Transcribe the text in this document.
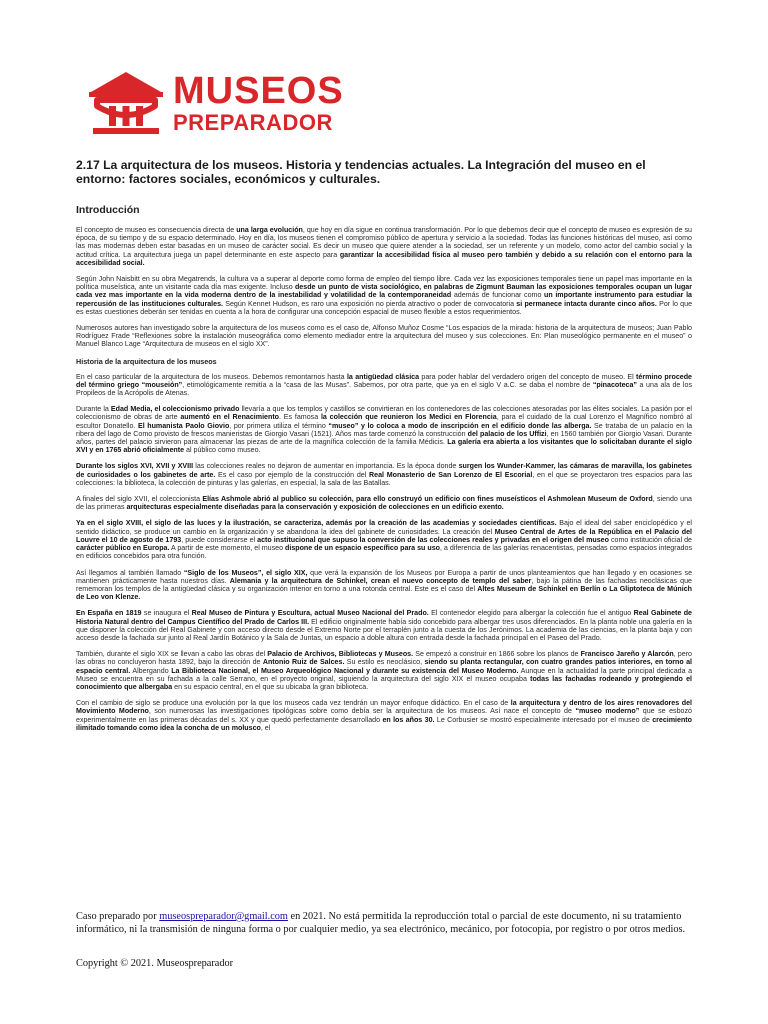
MUSEOS
PREPARADOR
2.17 La arquitectura de los museos. Historia y tendencias actuales. La Integración del museo en el entorno: factores sociales, económicos y culturales.
Introducción

El concepto de museo es consecuencia directa de una larga evolución, que hoy en día sigue en continua transformación. Por lo que debemos decir que el concepto de museo es expresión de su época, de su tiempo y de su espacio determinado. Hoy en día, los museos tienen el compromiso público de apertura y servicio a la sociedad. Todas las funciones históricas del museo, así como las mas modernas deben estar basadas en un museo de carácter social. Es decir un museo que quiere atender a la sociedad, ser un referente y un modelo, como actor del cambio social y la actitud crítica. La arquitectura juega un papel determinante en este aspecto para garantizar la accesibilidad física al museo pero también y debido a su relación con el entorno para la accesibilidad social.

Según John Naisbitt en su obra Megatrends, la cultura va a superar al deporte como forma de empleo del tiempo libre. Cada vez las exposiciones temporales tiene un papel mas importante en la política museística, ante un visitante cada día mas exigente. Incluso desde un punto de vista sociológico, en palabras de Zigmunt Bauman las exposiciones temporales ocupan un lugar cada vez mas importante en la vida moderna dentro de la inestabilidad y volatilidad de la contemporaneidad además de funcionar como un importante instrumento para estudiar la repercusión de las instituciones culturales. Según Kennet Hudson, es raro una exposición no pierda atractivo o poder de convocatoria si permanece intacta durante cinco años. Por lo que es estas cuestiones deberán ser tenidas en cuenta a la hora de configurar una concepción espacial de museo flexible a estos requerimientos.

Numerosos autores han investigado sobre la arquitectura de los museos como es el caso de, Alfonso Muñoz Cosme “Los espacios de la mirada: historia de la arquitectura de museos; Juan Pablo Rodríguez Frade “Reflexiones sobre la instalación museográfica como elemento mediador entre la arquitectura del museo y sus colecciones. En: Plan museológico permanente en el museo” o Manuel Blanco Lage “Arquitectura de museos en el siglo XX”.

Historia de la arquitectura de los museos

En el caso particular de la arquitectura de los museos. Debemos remontarnos hasta la antigüedad clásica para poder hablar del verdadero origen del concepto de museo. El término procede del término griego “mouseión”, etimológicamente remitía a la “casa de las Musas”. Sabemos, por otra parte, que ya en el siglo V a.C. se daba el nombre de “pinacoteca” a una ala de los Propileos de la Acrópolis de Atenas.

Durante la Edad Media, el coleccionismo privado llevaría a que los templos y castillos se convirtieran en los contenedores de las colecciones atesoradas por las élites sociales. La pasión por el coleccionismo de obras de arte aumentó en el Renacimiento. Es famosa la colección que reunieron los Medici en Florencia, para el cuidado de la cual Lorenzo el Magnífico nombró al escultor Donatello. El humanista Paolo Giovio, por primera utiliza el término “museo” y lo coloca a modo de inscripción en el edificio donde las alberga. Se trataba de un palacio en la ribera del lago de Como provisto de frescos manieristas de Giorgio Vasari (1521). Años mas tarde comenzó la construcción del palacio de los Uffizi, en 1560 también por Giorgio Vasari. Durante años, partes del palacio sirvieron para almacenar las piezas de arte de la magnífica colección de la familia Médicis. La galería era abierta a los visitantes que lo solicitaban durante el siglo XVI y en 1765 abrió oficialmente al público como museo.

Durante los siglos XVI, XVII y XVIII las colecciones reales no dejaron de aumentar en importancia. Es la época donde surgen los Wunder-Kammer, las cámaras de maravilla, los gabinetes de curiosidades o los gabinetes de arte. Es el caso por ejemplo de la construcción del Real Monasterio de San Lorenzo de El Escorial, en el que se proyectaron tres espacios para las colecciones: la biblioteca, la colección de pinturas y las galerías, en especial, la sala de las Batallas.

A finales del siglo XVII, el coleccionista Elías Ashmole abrió al publico su colección, para ello construyó un edificio con fines museísticos el Ashmolean Museum de Oxford, siendo una de las primeras arquitecturas especialmente diseñadas para la conservación y exposición de colecciones en un edificio exento.

Ya en el siglo XVIII, el siglo de las luces y la ilustración, se caracteriza, además por la creación de las academias y sociedades científicas. Bajo el ideal del saber enciclopédico y el sentido didáctico, se produce un cambio en la organización y se abandona la idea del gabinete de curiosidades. La creación del Museo Central de Artes de la República en el Palacio del Louvre el 10 de agosto de 1793, puede considerarse el acto institucional que supuso la conversión de las colecciones reales y privadas en el origen del museo como institución oficial de carácter público en Europa. A partir de este momento, el museo dispone de un espacio específico para su uso, a diferencia de las galerías renacentistas, pensadas como espacios integrados en edificios concebidos para otra función.

Así llegamos al también llamado “Siglo de los Museos”, el siglo XIX, que verá la expansión de los Museos por Europa a partir de unos planteamientos que han llegado y en ocasiones se mantienen prácticamente hasta nuestros días. Alemania y la arquitectura de Schinkel, crean el nuevo concepto de templo del saber, bajo la pátina de las fachadas neoclásicas que rememoran los templos de la antigüedad clásica y su organización interior en torno a una rotonda central. Este es el caso del Altes Museum de Schinkel en Berlín o La Gliptoteca de Múnich de Leo von Klenze.

En España en 1819 se inaugura el Real Museo de Pintura y Escultura, actual Museo Nacional del Prado. El contenedor elegido para albergar la colección fue el antiguo Real Gabinete de Historia Natural dentro del Campus Científico del Prado de Carlos III. El edificio originalmente había sido concebido para albergar tres usos diferenciados. En la planta noble una galería en la que disponer la colección del Real Gabinete y con acceso directo desde el Extremo Norte por el terraplén junto a la cuesta de los Jerónimos. La academia de las ciencias, en la planta baja y con acceso desde la fachada sur junto al Real Jardín Botánico y la Sala de Juntas, un espacio a doble altura con entrada desde la fachada principal en el Paseo del Prado.

También, durante el siglo XIX se llevan a cabo las obras del Palacio de Archivos, Bibliotecas y Museos. Se empezó a construir en 1866 sobre los planos de Francisco Jareño y Alarcón, pero las obras no concluyeron hasta 1892, bajo la dirección de Antonio Ruiz de Salces. Su estilo es neoclásico, siendo su planta rectangular, con cuatro grandes patios interiores, en torno al espacio central. Albergando La Biblioteca Nacional, el Museo Arqueológico Nacional y durante su existencia del Museo Moderno. Aunque en la actualidad la parte principal dedicada a Museo se encuentra en su fachada a la calle Serrano, en el proyecto original, siguiendo la arquitectura del siglo XIX el museo ocupaba todas las fachadas rodeando y protegiendo el conocimiento que albergaba en su espacio central, en el que su ubicaba la gran biblioteca.

Con el cambio de siglo se produce una evolución por la que los museos cada vez tendrán un mayor enfoque didáctico. En el caso de la arquitectura y dentro de los aires renovadores del Movimiento Moderno, son numerosas las investigaciones tipológicas sobre como debía ser la arquitectura de los museos. Así nace el concepto de “museo moderno” que se esbozó experimentalmente en las primeras décadas del s. XX y que quedó perfectamente desarrollado en los años 30. Le Corbusier se mostró especialmente interesado por el museo de crecimiento ilimitado tomando como idea la concha de un molusco, el

Caso preparado por museospreparador@gmail.com en 2021. No está permitida la reproducción total o parcial de este documento, ni su tratamiento informático, ni la transmisión de ninguna forma o por cualquier medio, ya sea electrónico, mecánico, por fotocopia, por registro o por otros medios.

Copyright © 2021. Museospreparador
